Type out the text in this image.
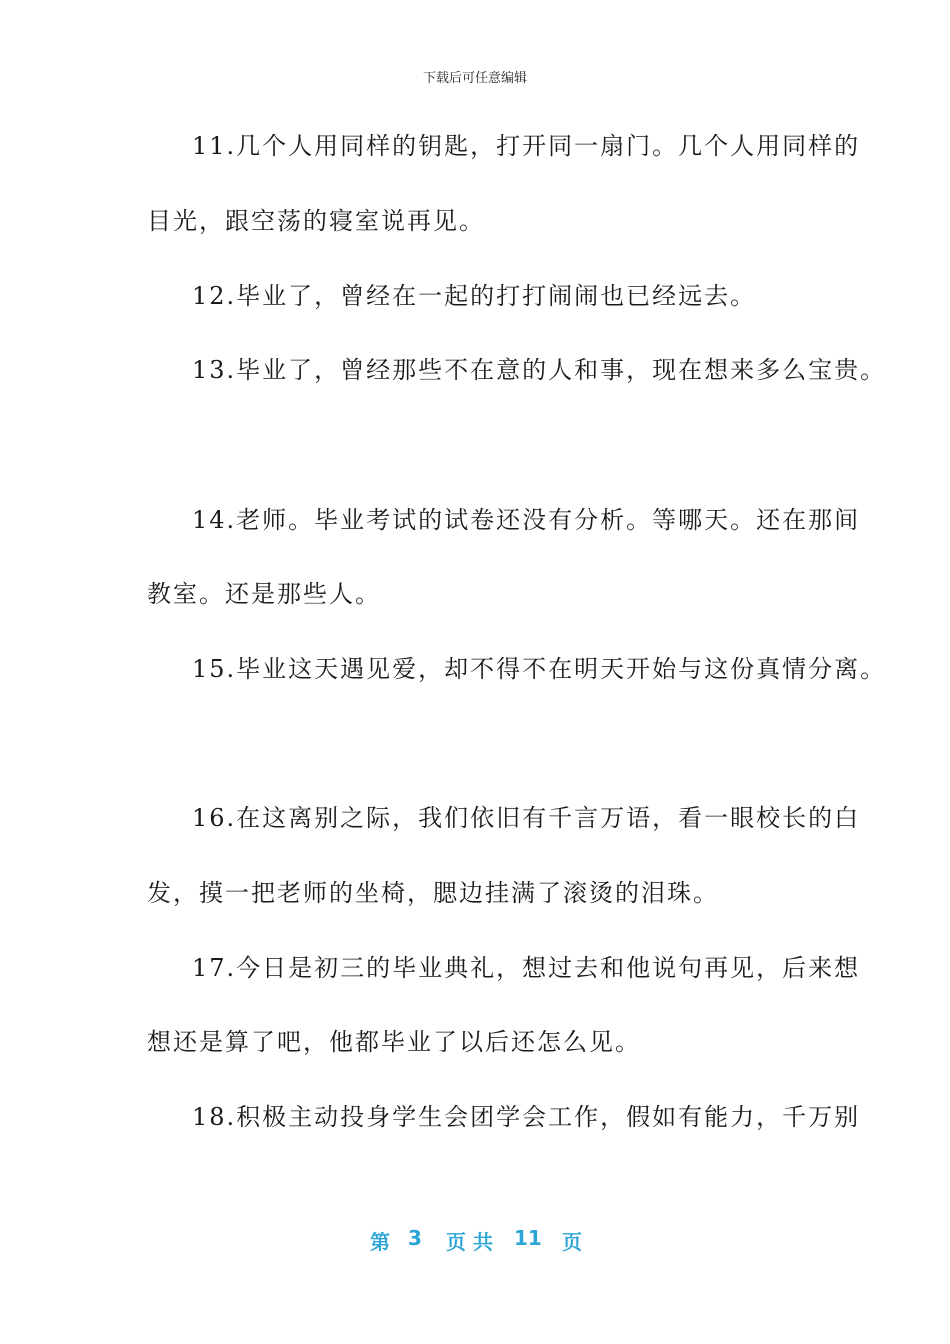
下载后可任意编辑
11.几个人用同样的钥匙，打开同一扇门。几个人用同样的
目光，跟空荡的寝室说再见。
12.毕业了，曾经在一起的打打闹闹也已经远去。
13.毕业了，曾经那些不在意的人和事，现在想来多么宝贵。
14.老师。毕业考试的试卷还没有分析。等哪天。还在那间
教室。还是那些人。
15.毕业这天遇见爱，却不得不在明天开始与这份真情分离。
16.在这离别之际，我们依旧有千言万语，看一眼校长的白
发，摸一把老师的坐椅，腮边挂满了滚烫的泪珠。
17.今日是初三的毕业典礼，想过去和他说句再见，后来想
想还是算了吧，他都毕业了以后还怎么见。
18.积极主动投身学生会团学会工作，假如有能力，千万别
第 3 页 共 11 页
